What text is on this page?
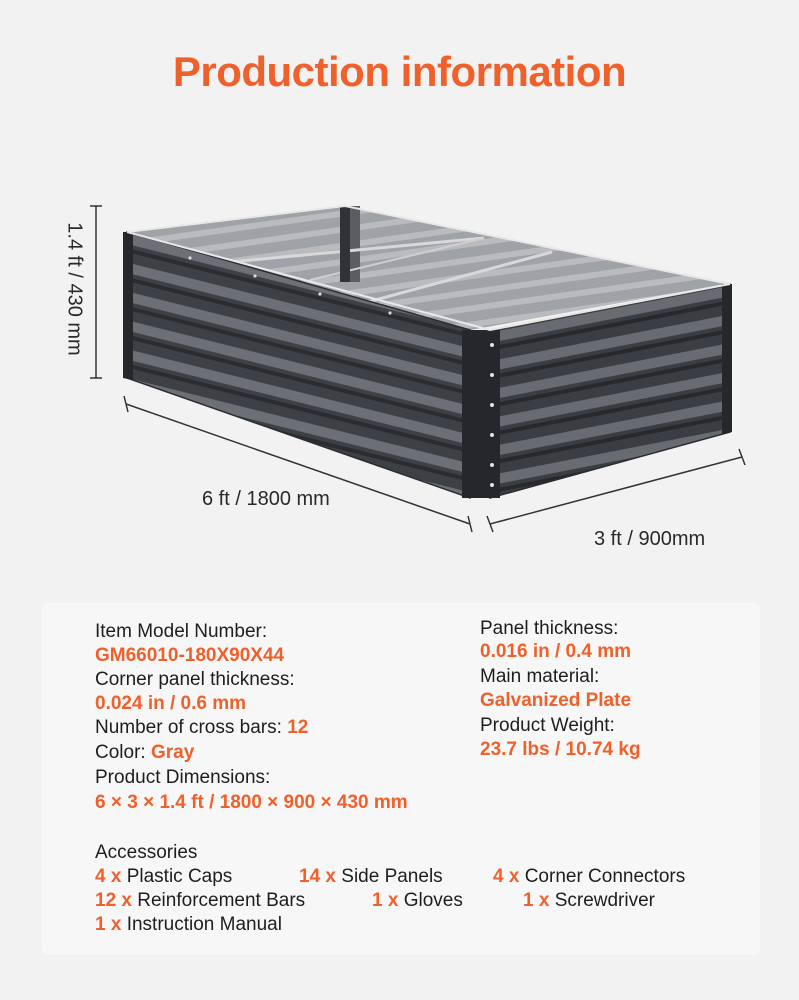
Production information
1.4 ft / 430 mm
6 ft / 1800 mm
3 ft / 900mm
Item Model Number:
GM66010-180X90X44
Corner panel thickness:
0.024 in / 0.6 mm
Number of cross bars: 12
Color: Gray
Product Dimensions:
6 × 3 × 1.4 ft / 1800 × 900 × 430 mm
Panel thickness:
0.016 in / 0.4 mm
Main material:
Galvanized Plate
Product Weight:
23.7 lbs / 10.74 kg
Accessories
4 x Plastic Caps	14 x Side Panels	4 x Corner Connectors
12 x Reinforcement Bars	1 x Gloves	1 x Screwdriver
1 x Instruction Manual
